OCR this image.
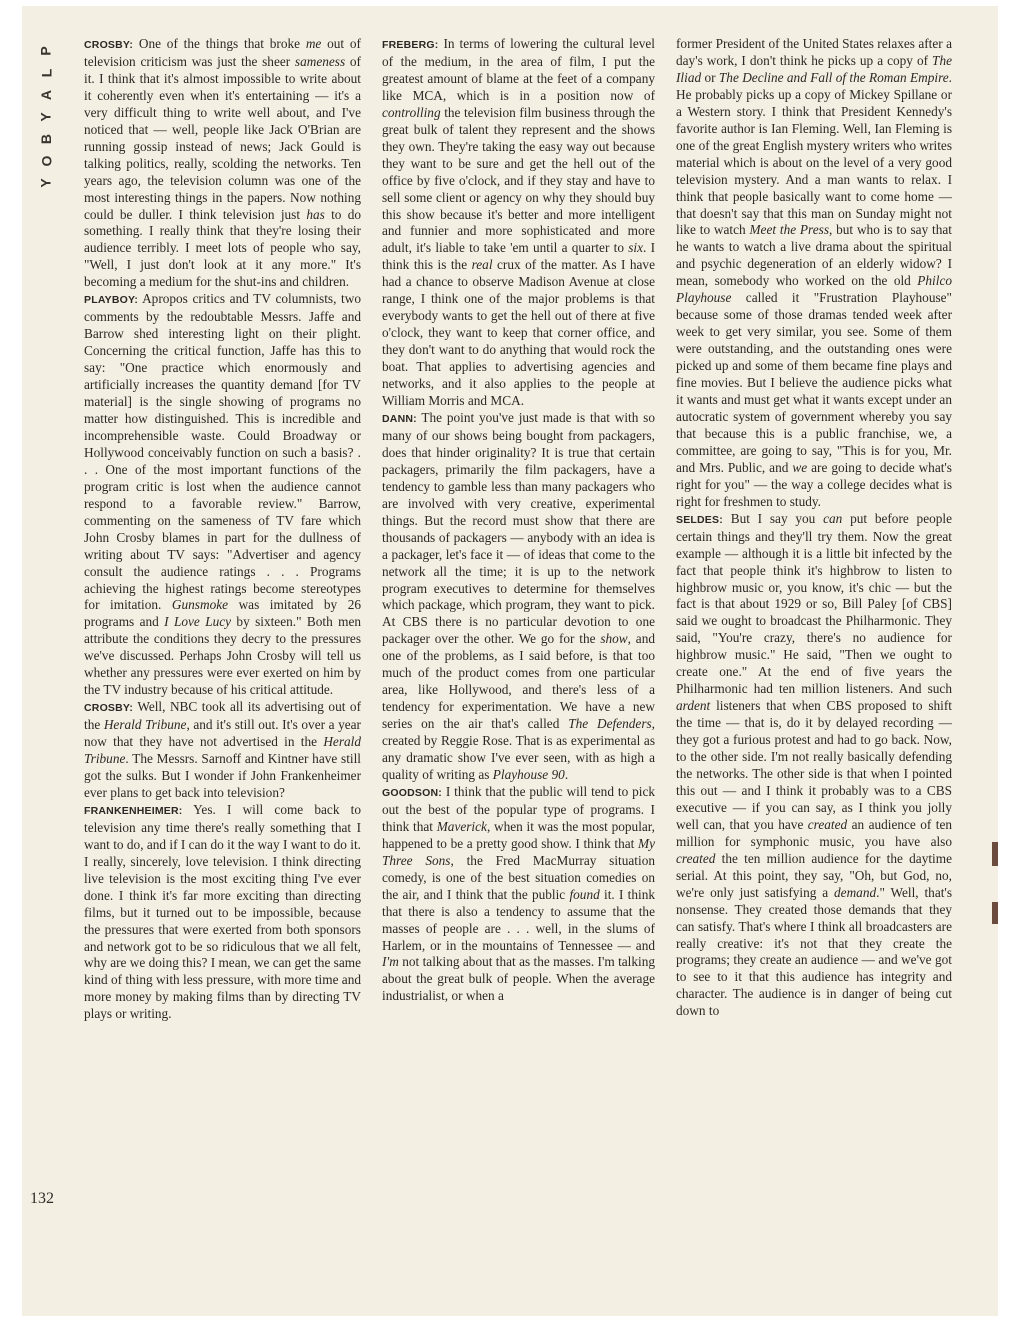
P
L
A
Y
B
O
Y
132

CROSBY: One of the things that broke me out of television criticism was just the sheer sameness of it. I think that it's almost impossible to write about it coherently even when it's entertaining — it's a very difficult thing to write well about, and I've noticed that — well, people like Jack O'Brian are running gossip instead of news; Jack Gould is talking politics, really, scolding the networks. Ten years ago, the television column was one of the most interesting things in the papers. Now nothing could be duller. I think television just has to do something. I really think that they're losing their audience terribly. I meet lots of people who say, "Well, I just don't look at it any more." It's becoming a medium for the shut-ins and children.

PLAYBOY: Apropos critics and TV columnists, two comments by the redoubtable Messrs. Jaffe and Barrow shed interesting light on their plight. Concerning the critical function, Jaffe has this to say: "One practice which enormously and artificially increases the quantity demand [for TV material] is the single showing of programs no matter how distinguished. This is incredible and incomprehensible waste. Could Broadway or Hollywood conceivably function on such a basis? . . . One of the most important functions of the program critic is lost when the audience cannot respond to a favorable review." Barrow, commenting on the sameness of TV fare which John Crosby blames in part for the dullness of writing about TV says: "Advertiser and agency consult the audience ratings . . . Programs achieving the highest ratings become stereotypes for imitation. Gunsmoke was imitated by 26 programs and I Love Lucy by sixteen." Both men attribute the conditions they decry to the pressures we've discussed. Perhaps John Crosby will tell us whether any pressures were ever exerted on him by the TV industry because of his critical attitude.

CROSBY: Well, NBC took all its advertising out of the Herald Tribune, and it's still out. It's over a year now that they have not advertised in the Herald Tribune. The Messrs. Sarnoff and Kintner have still got the sulks. But I wonder if John Frankenheimer ever plans to get back into television?

FRANKENHEIMER: Yes. I will come back to television any time there's really something that I want to do, and if I can do it the way I want to do it. I really, sincerely, love television. I think directing live television is the most exciting thing I've ever done. I think it's far more exciting than directing films, but it turned out to be impossible, because the pressures that were exerted from both sponsors and network got to be so ridiculous that we all felt, why are we doing this? I mean, we can get the same kind of thing with less pressure, with more time and more money by making films than by directing TV plays or writing.

FREBERG: In terms of lowering the cultural level of the medium, in the area of film, I put the greatest amount of blame at the feet of a company like MCA, which is in a position now of controlling the television film business through the great bulk of talent they represent and the shows they own. They're taking the easy way out because they want to be sure and get the hell out of the office by five o'clock, and if they stay and have to sell some client or agency on why they should buy this show because it's better and more intelligent and funnier and more sophisticated and more adult, it's liable to take 'em until a quarter to six. I think this is the real crux of the matter. As I have had a chance to observe Madison Avenue at close range, I think one of the major problems is that everybody wants to get the hell out of there at five o'clock, they want to keep that corner office, and they don't want to do anything that would rock the boat. That applies to advertising agencies and networks, and it also applies to the people at William Morris and MCA.

DANN: The point you've just made is that with so many of our shows being bought from packagers, does that hinder originality? It is true that certain packagers, primarily the film packagers, have a tendency to gamble less than many packagers who are involved with very creative, experimental things. But the record must show that there are thousands of packagers — anybody with an idea is a packager, let's face it — of ideas that come to the network all the time; it is up to the network program executives to determine for themselves which package, which program, they want to pick. At CBS there is no particular devotion to one packager over the other. We go for the show, and one of the problems, as I said before, is that too much of the product comes from one particular area, like Hollywood, and there's less of a tendency for experimentation. We have a new series on the air that's called The Defenders, created by Reggie Rose. That is as experimental as any dramatic show I've ever seen, with as high a quality of writing as Playhouse 90.

GOODSON: I think that the public will tend to pick out the best of the popular type of programs. I think that Maverick, when it was the most popular, happened to be a pretty good show. I think that My Three Sons, the Fred MacMurray situation comedy, is one of the best situation comedies on the air, and I think that the public found it. I think that there is also a tendency to assume that the masses of people are . . . well, in the slums of Harlem, or in the mountains of Tennessee — and I'm not talking about that as the masses. I'm talking about the great bulk of people. When the average industrialist, or when a

former President of the United States relaxes after a day's work, I don't think he picks up a copy of The Iliad or The Decline and Fall of the Roman Empire. He probably picks up a copy of Mickey Spillane or a Western story. I think that President Kennedy's favorite author is Ian Fleming. Well, Ian Fleming is one of the great English mystery writers who writes material which is about on the level of a very good television mystery. And a man wants to relax. I think that people basically want to come home — that doesn't say that this man on Sunday might not like to watch Meet the Press, but who is to say that he wants to watch a live drama about the spiritual and psychic degeneration of an elderly widow? I mean, somebody who worked on the old Philco Playhouse called it "Frustration Playhouse" because some of those dramas tended week after week to get very similar, you see. Some of them were outstanding, and the outstanding ones were picked up and some of them became fine plays and fine movies. But I believe the audience picks what it wants and must get what it wants except under an autocratic system of government whereby you say that because this is a public franchise, we, a committee, are going to say, "This is for you, Mr. and Mrs. Public, and we are going to decide what's right for you" — the way a college decides what is right for freshmen to study.

SELDES: But I say you can put before people certain things and they'll try them. Now the great example — although it is a little bit infected by the fact that people think it's highbrow to listen to highbrow music or, you know, it's chic — but the fact is that about 1929 or so, Bill Paley [of CBS] said we ought to broadcast the Philharmonic. They said, "You're crazy, there's no audience for highbrow music." He said, "Then we ought to create one." At the end of five years the Philharmonic had ten million listeners. And such ardent listeners that when CBS proposed to shift the time — that is, do it by delayed recording — they got a furious protest and had to go back. Now, to the other side. I'm not really basically defending the networks. The other side is that when I pointed this out — and I think it probably was to a CBS executive — if you can say, as I think you jolly well can, that you have created an audience of ten million for symphonic music, you have also created the ten million audience for the daytime serial. At this point, they say, "Oh, but God, no, we're only just satisfying a demand." Well, that's nonsense. They created those demands that they can satisfy. That's where I think all broadcasters are really creative: it's not that they create the programs; they create an audience — and we've got to see to it that this audience has integrity and character. The audience is in danger of being cut down to
